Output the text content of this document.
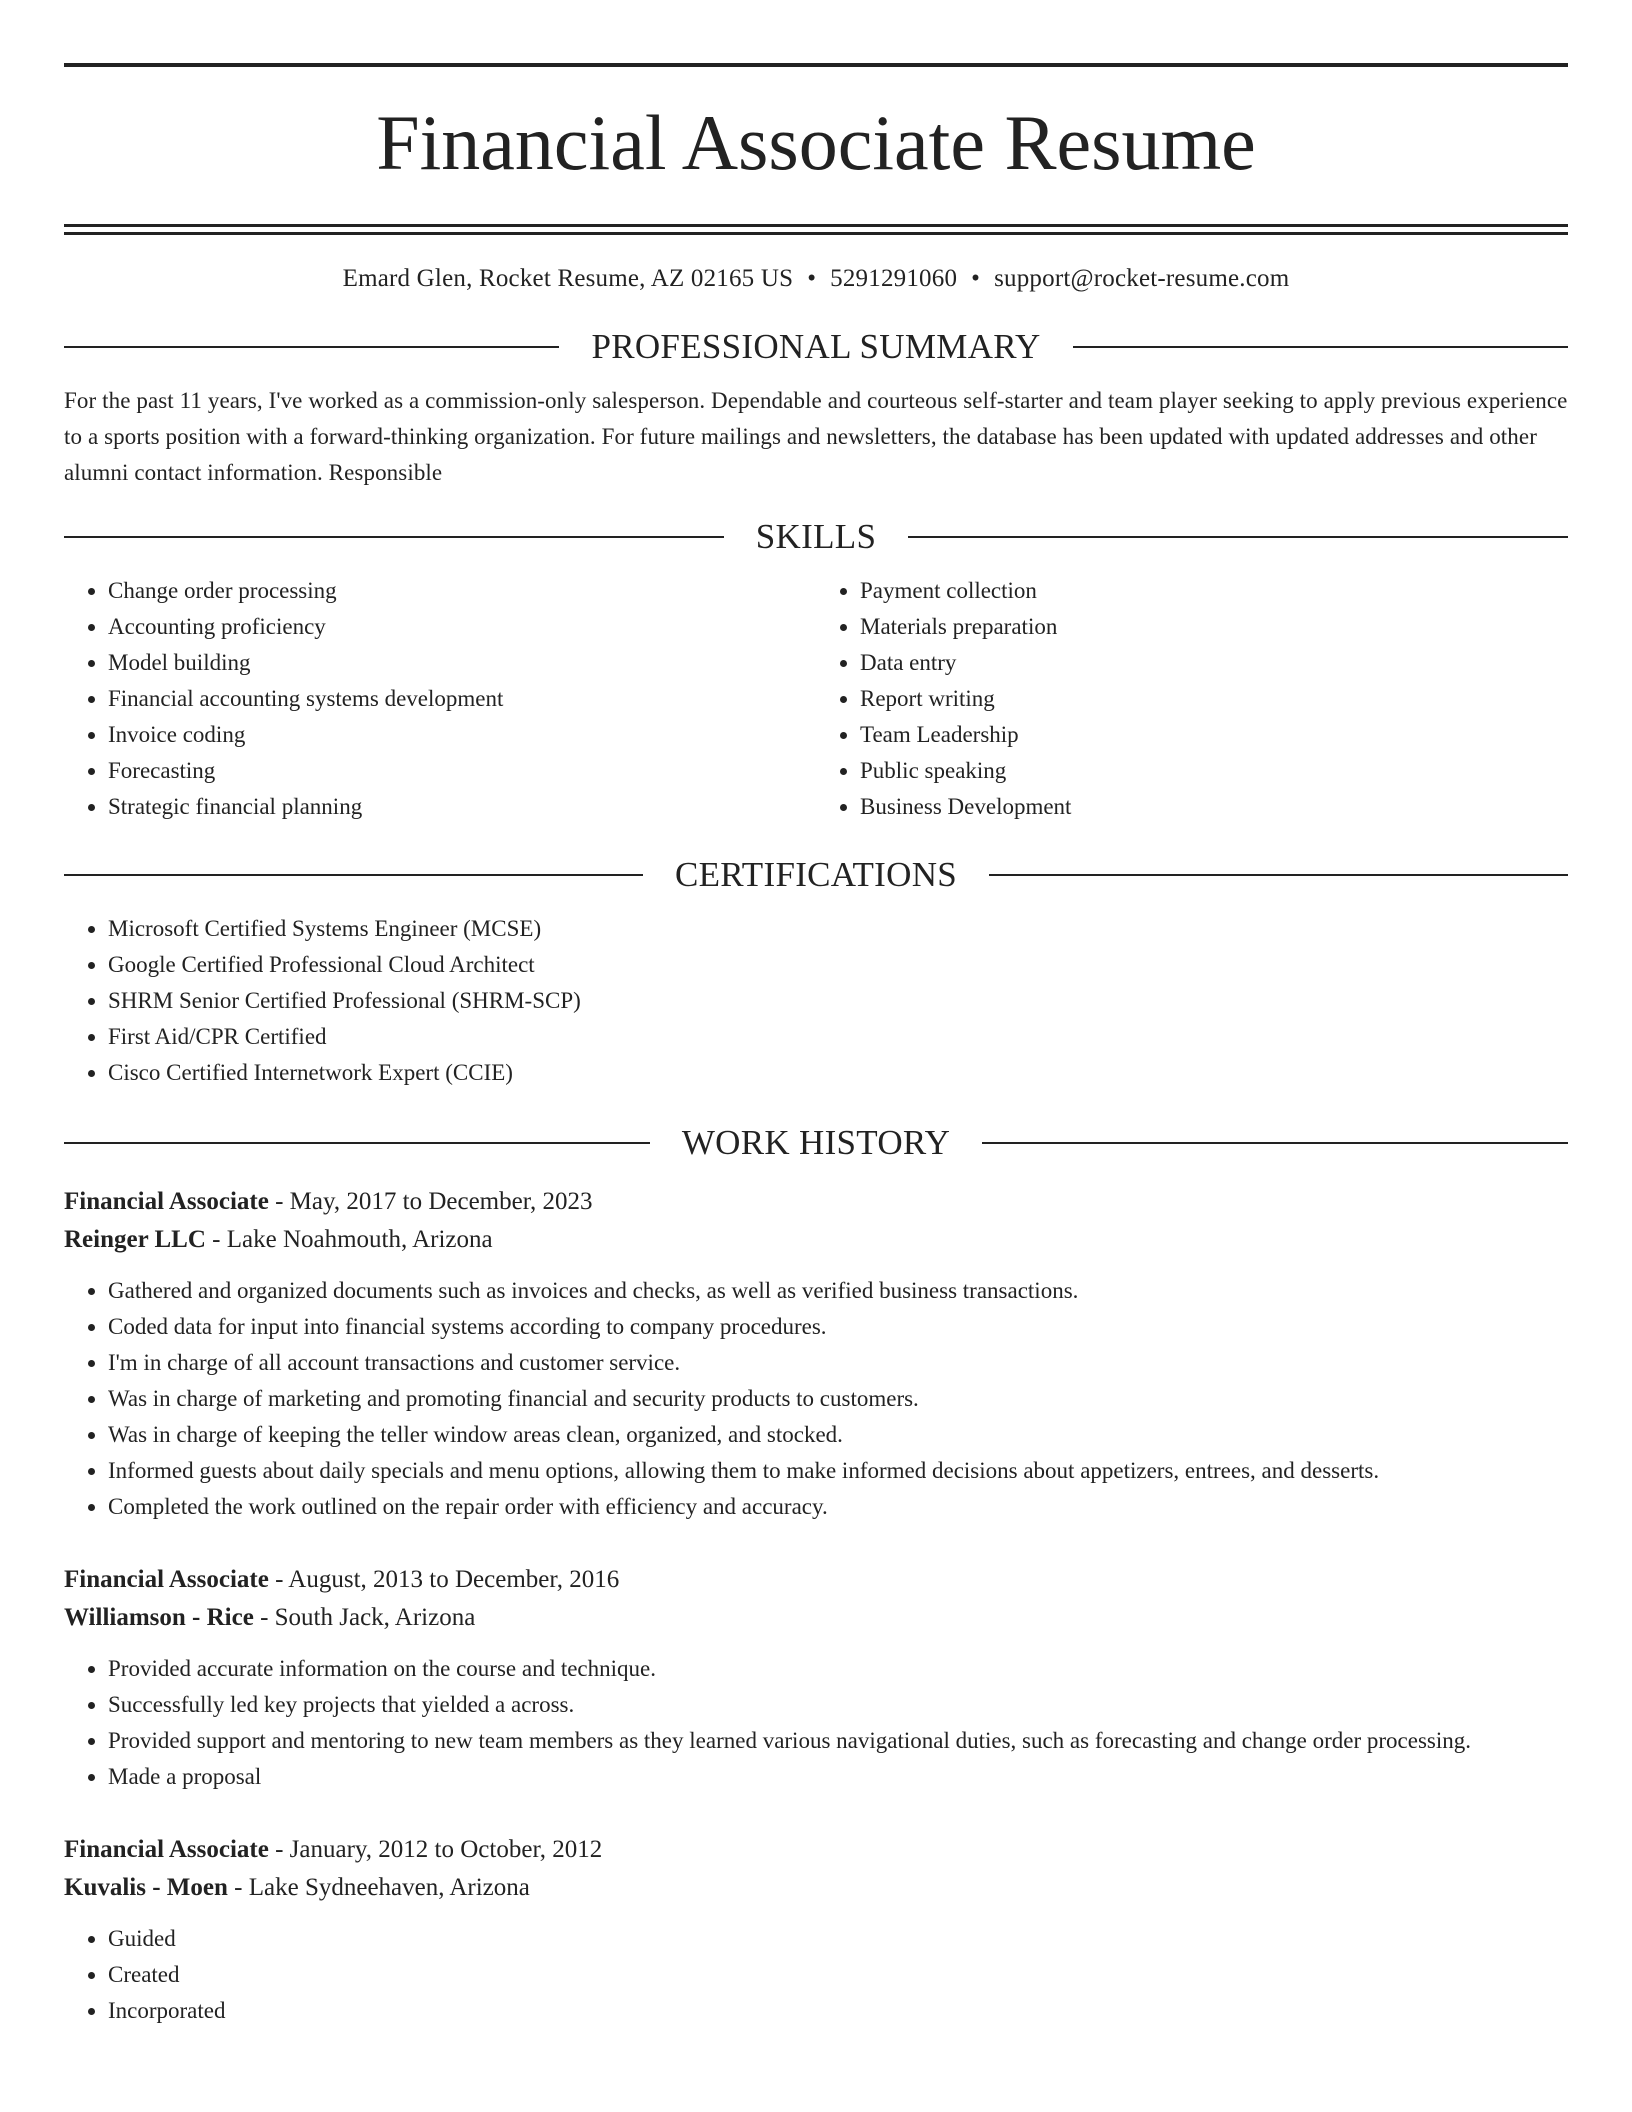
Financial Associate Resume
Emard Glen, Rocket Resume, AZ 02165 US • 5291291060 • support@rocket-resume.com
PROFESSIONAL SUMMARY
For the past 11 years, I've worked as a commission-only salesperson. Dependable and courteous self-starter and team player seeking to apply previous experience to a sports position with a forward-thinking organization. For future mailings and newsletters, the database has been updated with updated addresses and other alumni contact information. Responsible
SKILLS
• Change order processing
• Accounting proficiency
• Model building
• Financial accounting systems development
• Invoice coding
• Forecasting
• Strategic financial planning
• Payment collection
• Materials preparation
• Data entry
• Report writing
• Team Leadership
• Public speaking
• Business Development
CERTIFICATIONS
• Microsoft Certified Systems Engineer (MCSE)
• Google Certified Professional Cloud Architect
• SHRM Senior Certified Professional (SHRM-SCP)
• First Aid/CPR Certified
• Cisco Certified Internetwork Expert (CCIE)
WORK HISTORY
Financial Associate - May, 2017 to December, 2023
Reinger LLC - Lake Noahmouth, Arizona
• Gathered and organized documents such as invoices and checks, as well as verified business transactions.
• Coded data for input into financial systems according to company procedures.
• I'm in charge of all account transactions and customer service.
• Was in charge of marketing and promoting financial and security products to customers.
• Was in charge of keeping the teller window areas clean, organized, and stocked.
• Informed guests about daily specials and menu options, allowing them to make informed decisions about appetizers, entrees, and desserts.
• Completed the work outlined on the repair order with efficiency and accuracy.
Financial Associate - August, 2013 to December, 2016
Williamson - Rice - South Jack, Arizona
• Provided accurate information on the course and technique.
• Successfully led key projects that yielded a across.
• Provided support and mentoring to new team members as they learned various navigational duties, such as forecasting and change order processing.
• Made a proposal
Financial Associate - January, 2012 to October, 2012
Kuvalis - Moen - Lake Sydneehaven, Arizona
• Guided
• Created
• Incorporated
